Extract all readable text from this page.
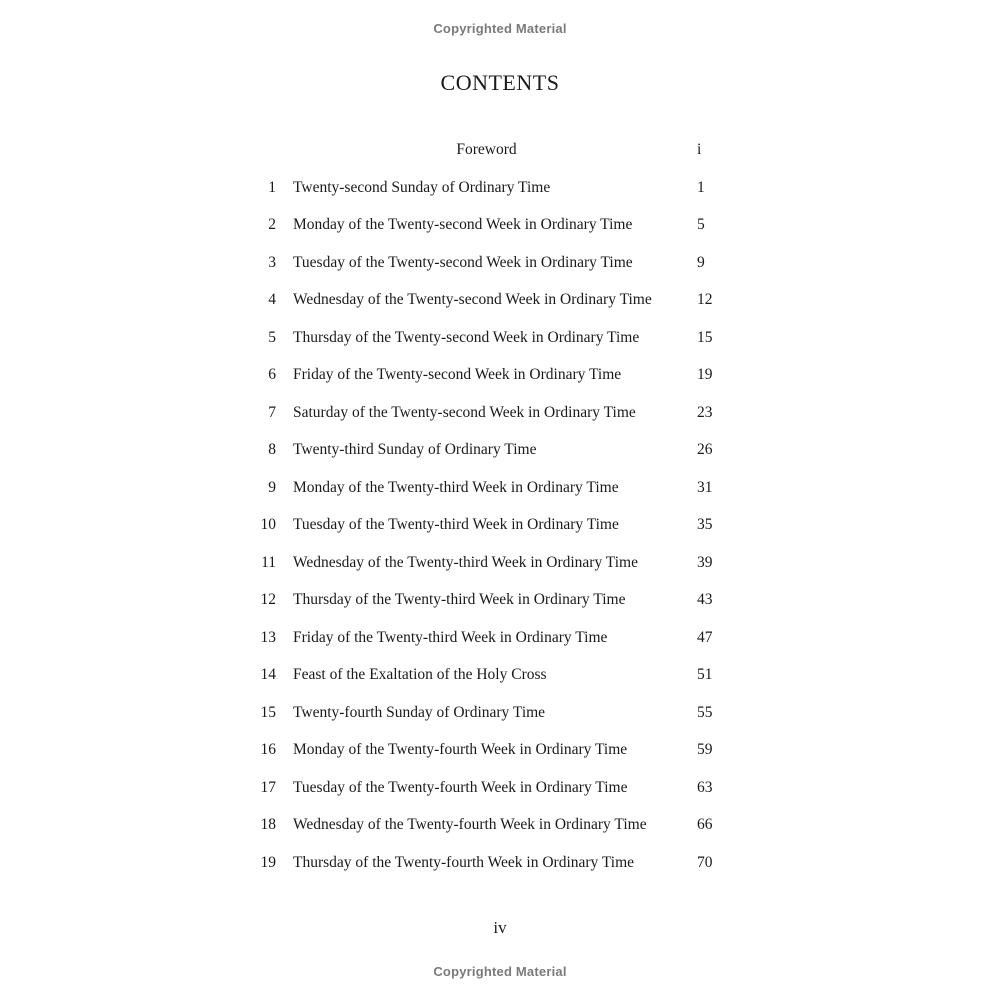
Copyrighted Material
CONTENTS
Foreword	i
1 Twenty-second Sunday of Ordinary Time	1
2 Monday of the Twenty-second Week in Ordinary Time	5
3 Tuesday of the Twenty-second Week in Ordinary Time	9
4 Wednesday of the Twenty-second Week in Ordinary Time	12
5 Thursday of the Twenty-second Week in Ordinary Time	15
6 Friday of the Twenty-second Week in Ordinary Time	19
7 Saturday of the Twenty-second Week in Ordinary Time	23
8 Twenty-third Sunday of Ordinary Time	26
9 Monday of the Twenty-third Week in Ordinary Time	31
10 Tuesday of the Twenty-third Week in Ordinary Time	35
11 Wednesday of the Twenty-third Week in Ordinary Time	39
12 Thursday of the Twenty-third Week in Ordinary Time	43
13 Friday of the Twenty-third Week in Ordinary Time	47
14 Feast of the Exaltation of the Holy Cross	51
15 Twenty-fourth Sunday of Ordinary Time	55
16 Monday of the Twenty-fourth Week in Ordinary Time	59
17 Tuesday of the Twenty-fourth Week in Ordinary Time	63
18 Wednesday of the Twenty-fourth Week in Ordinary Time	66
19 Thursday of the Twenty-fourth Week in Ordinary Time	70
iv
Copyrighted Material
